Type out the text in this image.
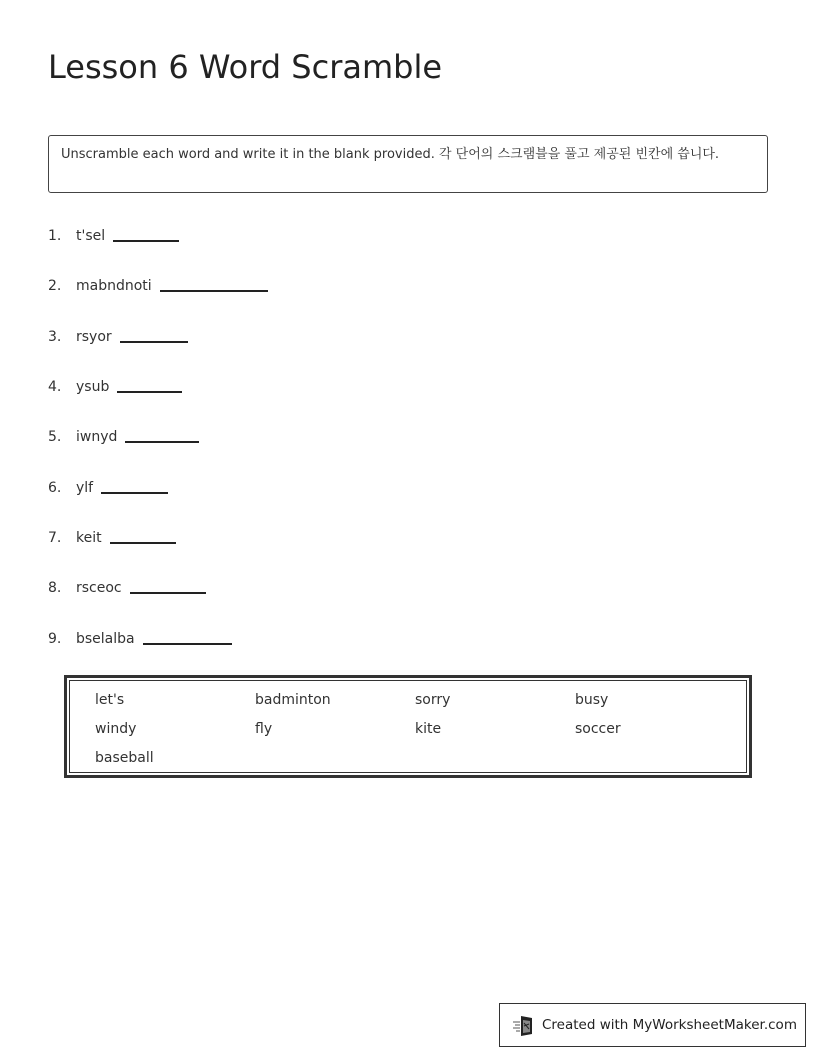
Lesson 6 Word Scramble
Unscramble each word and write it in the blank provided. 각 단어의 스크램블을 풀고 제공된 빈칸에 씁니다.
1.	t'sel
2.	mabndnoti
3.	rsyor
4.	ysub
5.	iwnyd
6.	ylf
7.	keit
8.	rsceoc
9.	bselalba
let's	badminton	sorry	busy
windy	fly	kite	soccer
baseball
Created with MyWorksheetMaker.com
